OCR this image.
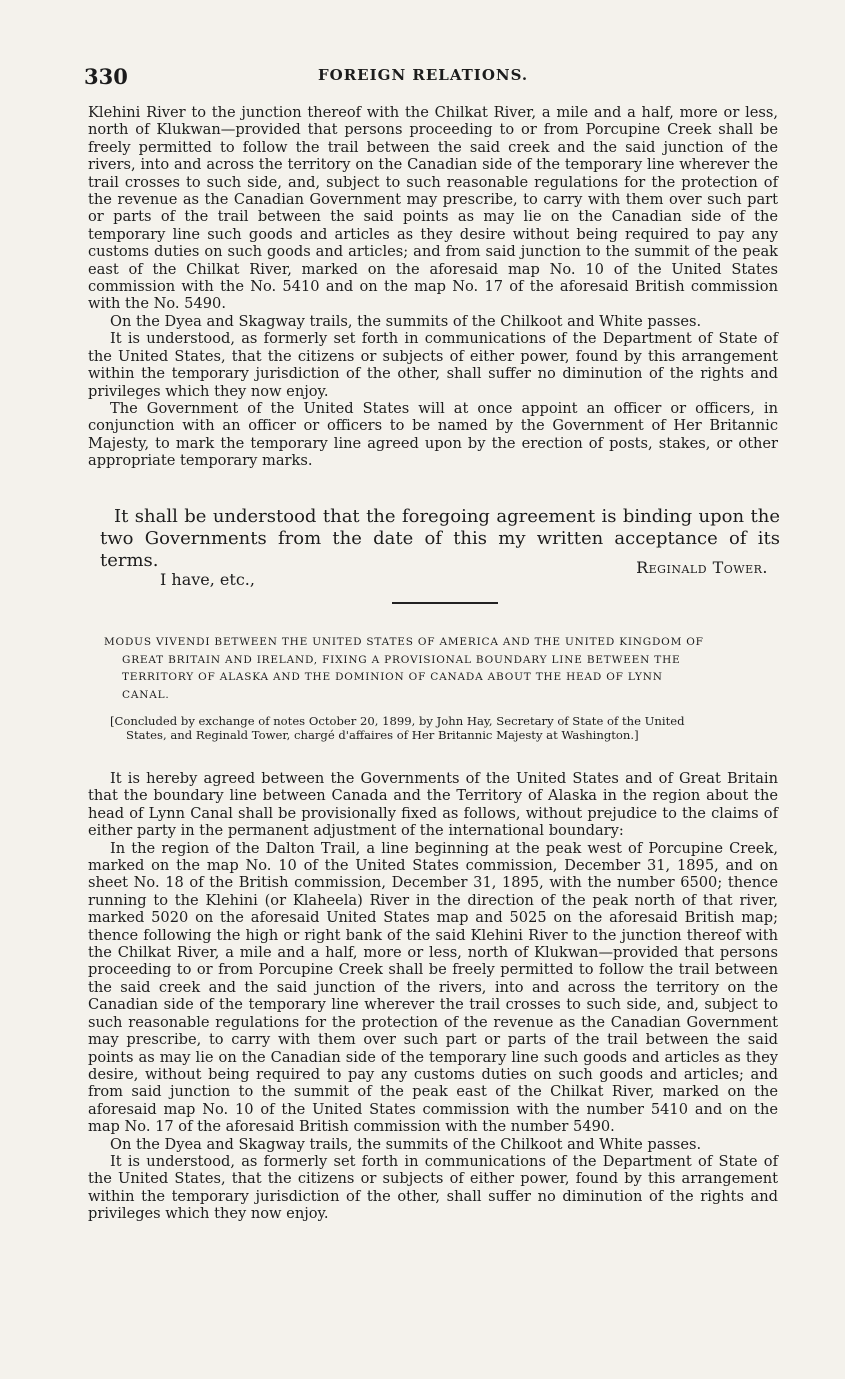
330	FOREIGN RELATIONS.

Klehini River to the junction thereof with the Chilkat River, a mile and a half, more or less, north of Klukwan—provided that persons proceeding to or from Porcupine Creek shall be freely permitted to follow the trail between the said creek and the said junction of the rivers, into and across the territory on the Canadian side of the temporary line wherever the trail crosses to such side, and, subject to such reasonable regulations for the protection of the revenue as the Canadian Government may prescribe, to carry with them over such part or parts of the trail between the said points as may lie on the Canadian side of the temporary line such goods and articles as they desire without being required to pay any customs duties on such goods and articles; and from said junction to the summit of the peak east of the Chilkat River, marked on the aforesaid map No. 10 of the United States commission with the No. 5410 and on the map No. 17 of the aforesaid British commission with the No. 5490.

On the Dyea and Skagway trails, the summits of the Chilkoot and White passes.

It is understood, as formerly set forth in communications of the Department of State of the United States, that the citizens or subjects of either power, found by this arrangement within the temporary jurisdiction of the other, shall suffer no diminution of the rights and privileges which they now enjoy.

The Government of the United States will at once appoint an officer or officers, in conjunction with an officer or officers to be named by the Government of Her Britannic Majesty, to mark the temporary line agreed upon by the erection of posts, stakes, or other appropriate temporary marks.

It shall be understood that the foregoing agreement is binding upon the two Governments from the date of this my written acceptance of its terms.

I have, etc.,
Reginald Tower.
MODUS VIVENDI BETWEEN THE UNITED STATES OF AMERICA AND THE UNITED KINGDOM OF
GREAT BRITAIN AND IRELAND, FIXING A PROVISIONAL BOUNDARY LINE BETWEEN THE
TERRITORY OF ALASKA AND THE DOMINION OF CANADA ABOUT THE HEAD OF LYNN
CANAL.
[Concluded by exchange of notes October 20, 1899, by John Hay, Secretary of State of the United
States, and Reginald Tower, chargé d'affaires of Her Britannic Majesty at Washington.]

It is hereby agreed between the Governments of the United States and of Great Britain that the boundary line between Canada and the Territory of Alaska in the region about the head of Lynn Canal shall be provisionally fixed as follows, without prejudice to the claims of either party in the permanent adjustment of the international boundary:

In the region of the Dalton Trail, a line beginning at the peak west of Porcupine Creek, marked on the map No. 10 of the United States commission, December 31, 1895, and on sheet No. 18 of the British commission, December 31, 1895, with the number 6500; thence running to the Klehini (or Klaheela) River in the direction of the peak north of that river, marked 5020 on the aforesaid United States map and 5025 on the aforesaid British map; thence following the high or right bank of the said Klehini River to the junction thereof with the Chilkat River, a mile and a half, more or less, north of Klukwan—provided that persons proceeding to or from Porcupine Creek shall be freely permitted to follow the trail between the said creek and the said junction of the rivers, into and across the territory on the Canadian side of the temporary line wherever the trail crosses to such side, and, subject to such reasonable regulations for the protection of the revenue as the Canadian Government may prescribe, to carry with them over such part or parts of the trail between the said points as may lie on the Canadian side of the temporary line such goods and articles as they desire, without being required to pay any customs duties on such goods and articles; and from said junction to the summit of the peak east of the Chilkat River, marked on the aforesaid map No. 10 of the United States commission with the number 5410 and on the map No. 17 of the aforesaid British commission with the number 5490.

On the Dyea and Skagway trails, the summits of the Chilkoot and White passes.

It is understood, as formerly set forth in communications of the Department of State of the United States, that the citizens or subjects of either power, found by this arrangement within the temporary jurisdiction of the other, shall suffer no diminution of the rights and privileges which they now enjoy.
